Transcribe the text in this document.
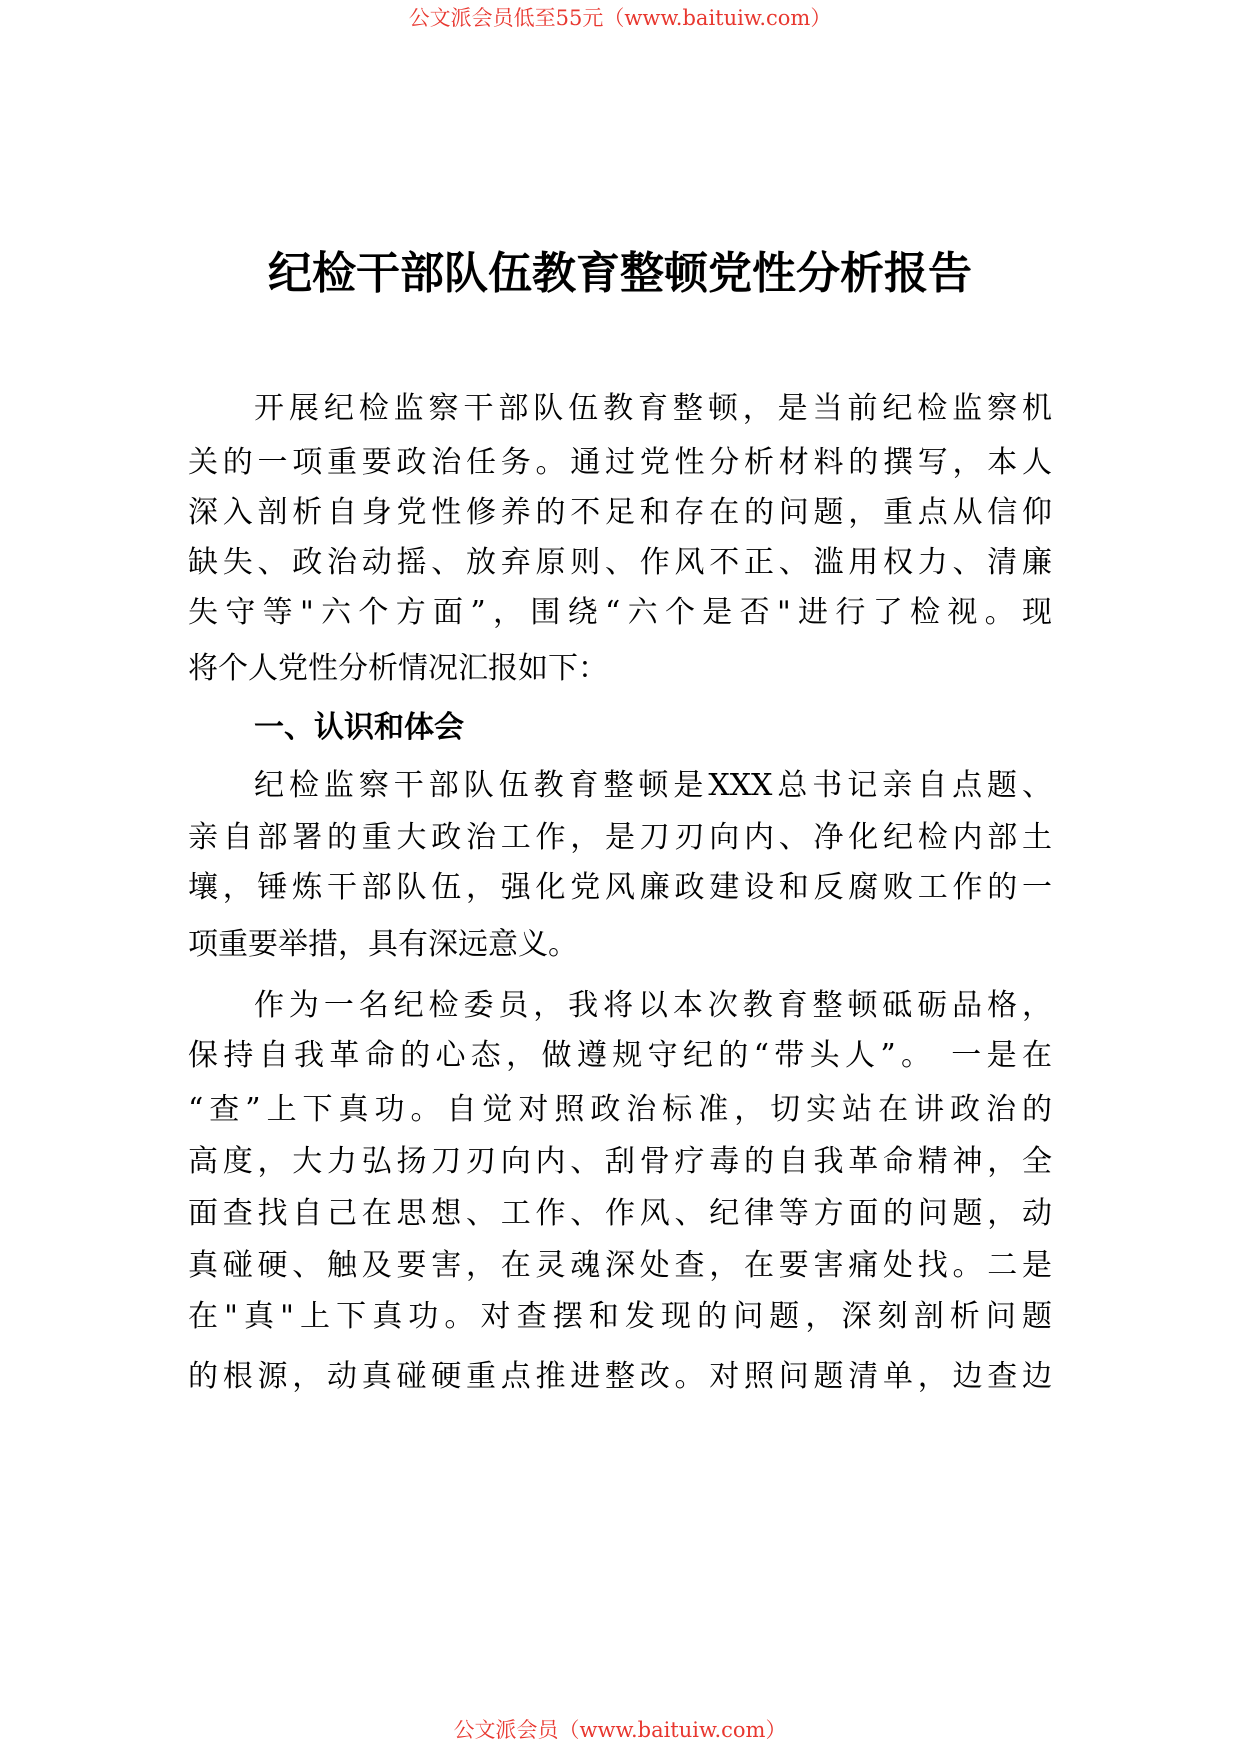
公文派会员低至55元（www.baituiw.com）
纪检干部队伍教育整顿党性分析报告
开展纪检监察干部队伍教育整顿，是当前纪检监察机
关的一项重要政治任务。通过党性分析材料的撰写，本人
深入剖析自身党性修养的不足和存在的问题，重点从信仰
缺失、政治动摇、放弃原则、作风不正、滥用权力、清廉
失守等"六个方面”，围绕“六个是否"进行了检视。现
将个人党性分析情况汇报如下：
一、认识和体会
纪检监察干部队伍教育整顿是XXX总书记亲自点题、
亲自部署的重大政治工作，是刀刃向内、净化纪检内部土
壤，锤炼干部队伍，强化党风廉政建设和反腐败工作的一
项重要举措，具有深远意义。
作为一名纪检委员，我将以本次教育整顿砥砺品格，
保持自我革命的心态，做遵规守纪的“带头人”。 一是在
“查”上下真功。自觉对照政治标准，切实站在讲政治的
高度，大力弘扬刀刃向内、刮骨疗毒的自我革命精神，全
面查找自己在思想、工作、作风、纪律等方面的问题，动
真碰硬、触及要害，在灵魂深处查，在要害痛处找。二是
在"真"上下真功。对查摆和发现的问题，深刻剖析问题
的根源，动真碰硬重点推进整改。对照问题清单，边查边
公文派会员（www.baituiw.com）
